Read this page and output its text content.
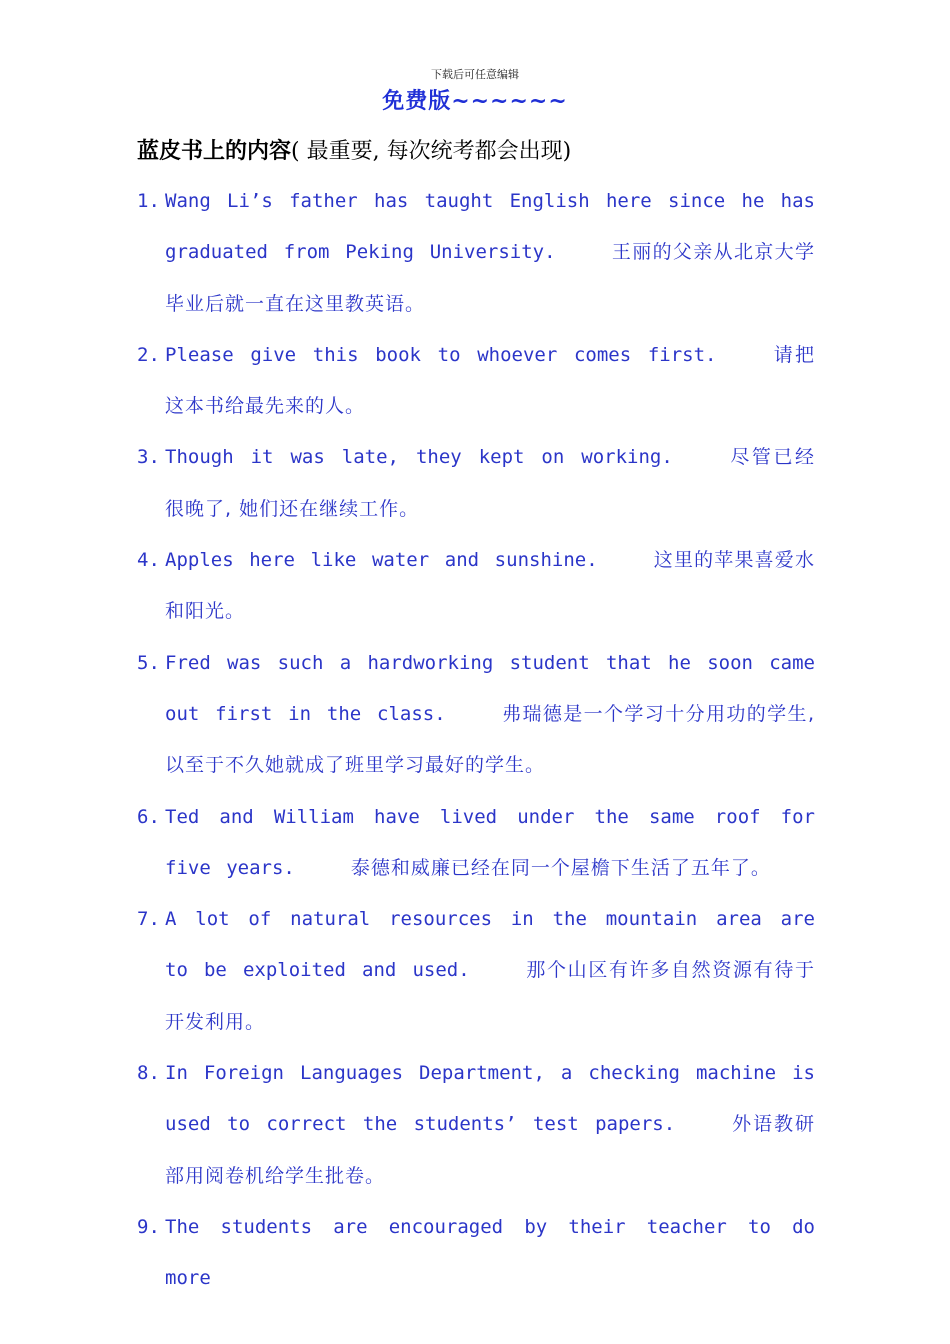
下载后可任意编辑
免费版~~~~~~
蓝皮书上的内容( 最重要, 每次统考都会出现)
1. Wang Li’s father has taught English here since he has graduated from Peking University.	王丽的父亲从北京大学毕业后就一直在这里教英语。
2. Please give this book to whoever comes first.	请把这本书给最先来的人。
3. Though it was late, they kept on working.	尽管已经很晚了, 她们还在继续工作。
4. Apples here like water and sunshine.	这里的苹果喜爱水和阳光。
5. Fred was such a hardworking student that he soon came out first in the class.	弗瑞德是一个学习十分用功的学生, 以至于不久她就成了班里学习最好的学生。
6. Ted and William have lived under the same roof for five years.	泰德和威廉已经在同一个屋檐下生活了五年了。
7. A lot of natural resources in the mountain area are to be exploited and used.	那个山区有许多自然资源有待于开发利用。
8. In Foreign Languages Department, a checking machine is used to correct the students’ test papers.	外语教研部用阅卷机给学生批卷。
9. The students are encouraged by their teacher to do more
